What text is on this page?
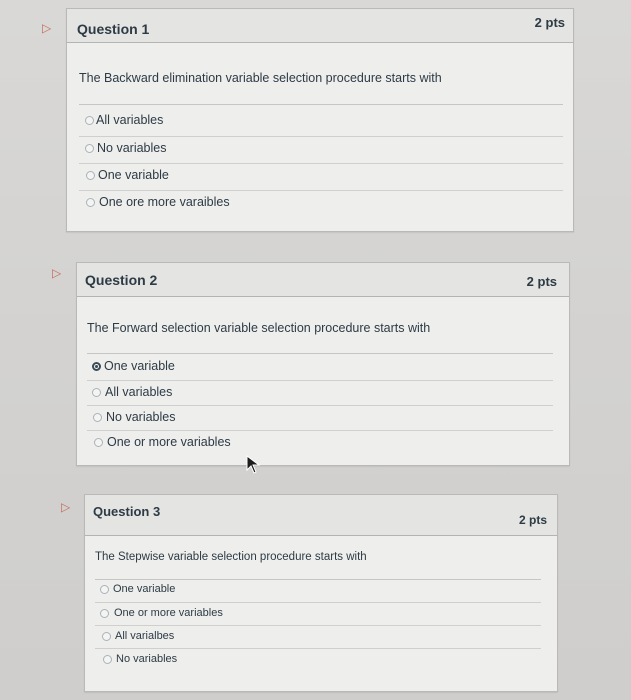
▷	Question 1	2 pts
The Backward elimination variable selection procedure starts with
All variables
No variables
One variable
One ore more varaibles
▷	Question 2	2 pts
The Forward selection variable selection procedure starts with
One variable
All variables
No variables
One or more variables
▷	Question 3
2 pts
The Stepwise variable selection procedure starts with
One variable
One or more variables
All varialbes
No variables
